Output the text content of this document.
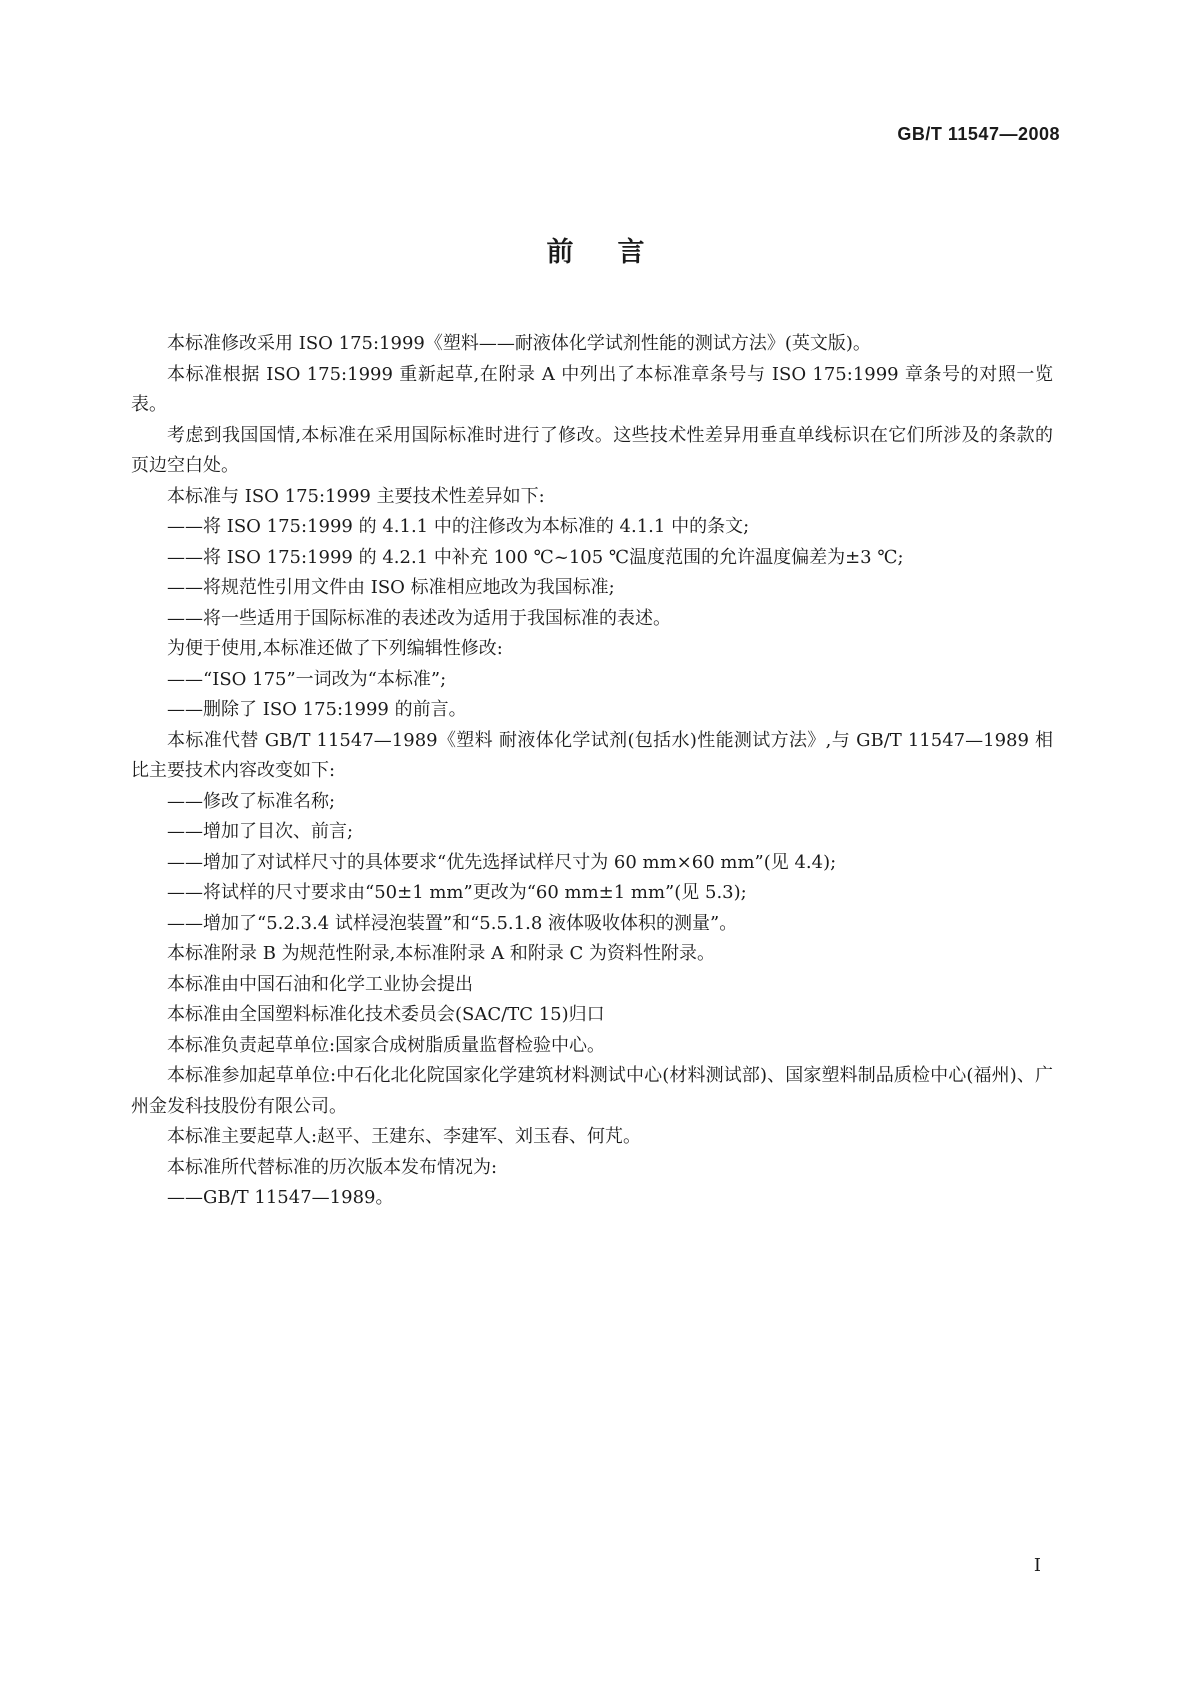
GB/T 11547—2008
前言

本标准修改采用 ISO 175:1999《塑料——耐液体化学试剂性能的测试方法》(英文版)。

本标准根据 ISO 175:1999 重新起草,在附录 A 中列出了本标准章条号与 ISO 175:1999 章条号的对照一览表。

考虑到我国国情,本标准在采用国际标准时进行了修改。这些技术性差异用垂直单线标识在它们所涉及的条款的页边空白处。

本标准与 ISO 175:1999 主要技术性差异如下:

——将 ISO 175:1999 的 4.1.1 中的注修改为本标准的 4.1.1 中的条文;

——将 ISO 175:1999 的 4.2.1 中补充 100 ℃~105 ℃温度范围的允许温度偏差为±3 ℃;

——将规范性引用文件由 ISO 标准相应地改为我国标准;

——将一些适用于国际标准的表述改为适用于我国标准的表述。

为便于使用,本标准还做了下列编辑性修改:

——“ISO 175”一词改为“本标准”;

——删除了 ISO 175:1999 的前言。

本标准代替 GB/T 11547—1989《塑料 耐液体化学试剂(包括水)性能测试方法》,与 GB/T 11547—1989 相比主要技术内容改变如下:

——修改了标准名称;

——增加了目次、前言;

——增加了对试样尺寸的具体要求“优先选择试样尺寸为 60 mm×60 mm”(见 4.4);

——将试样的尺寸要求由“50±1 mm”更改为“60 mm±1 mm”(见 5.3);

——增加了“5.2.3.4 试样浸泡装置”和“5.5.1.8 液体吸收体积的测量”。

本标准附录 B 为规范性附录,本标准附录 A 和附录 C 为资料性附录。

本标准由中国石油和化学工业协会提出

本标准由全国塑料标准化技术委员会(SAC/TC 15)归口

本标准负责起草单位:国家合成树脂质量监督检验中心。

本标准参加起草单位:中石化北化院国家化学建筑材料测试中心(材料测试部)、国家塑料制品质检中心(福州)、广州金发科技股份有限公司。

本标准主要起草人:赵平、王建东、李建军、刘玉春、何芃。

本标准所代替标准的历次版本发布情况为:

——GB/T 11547—1989。

I
